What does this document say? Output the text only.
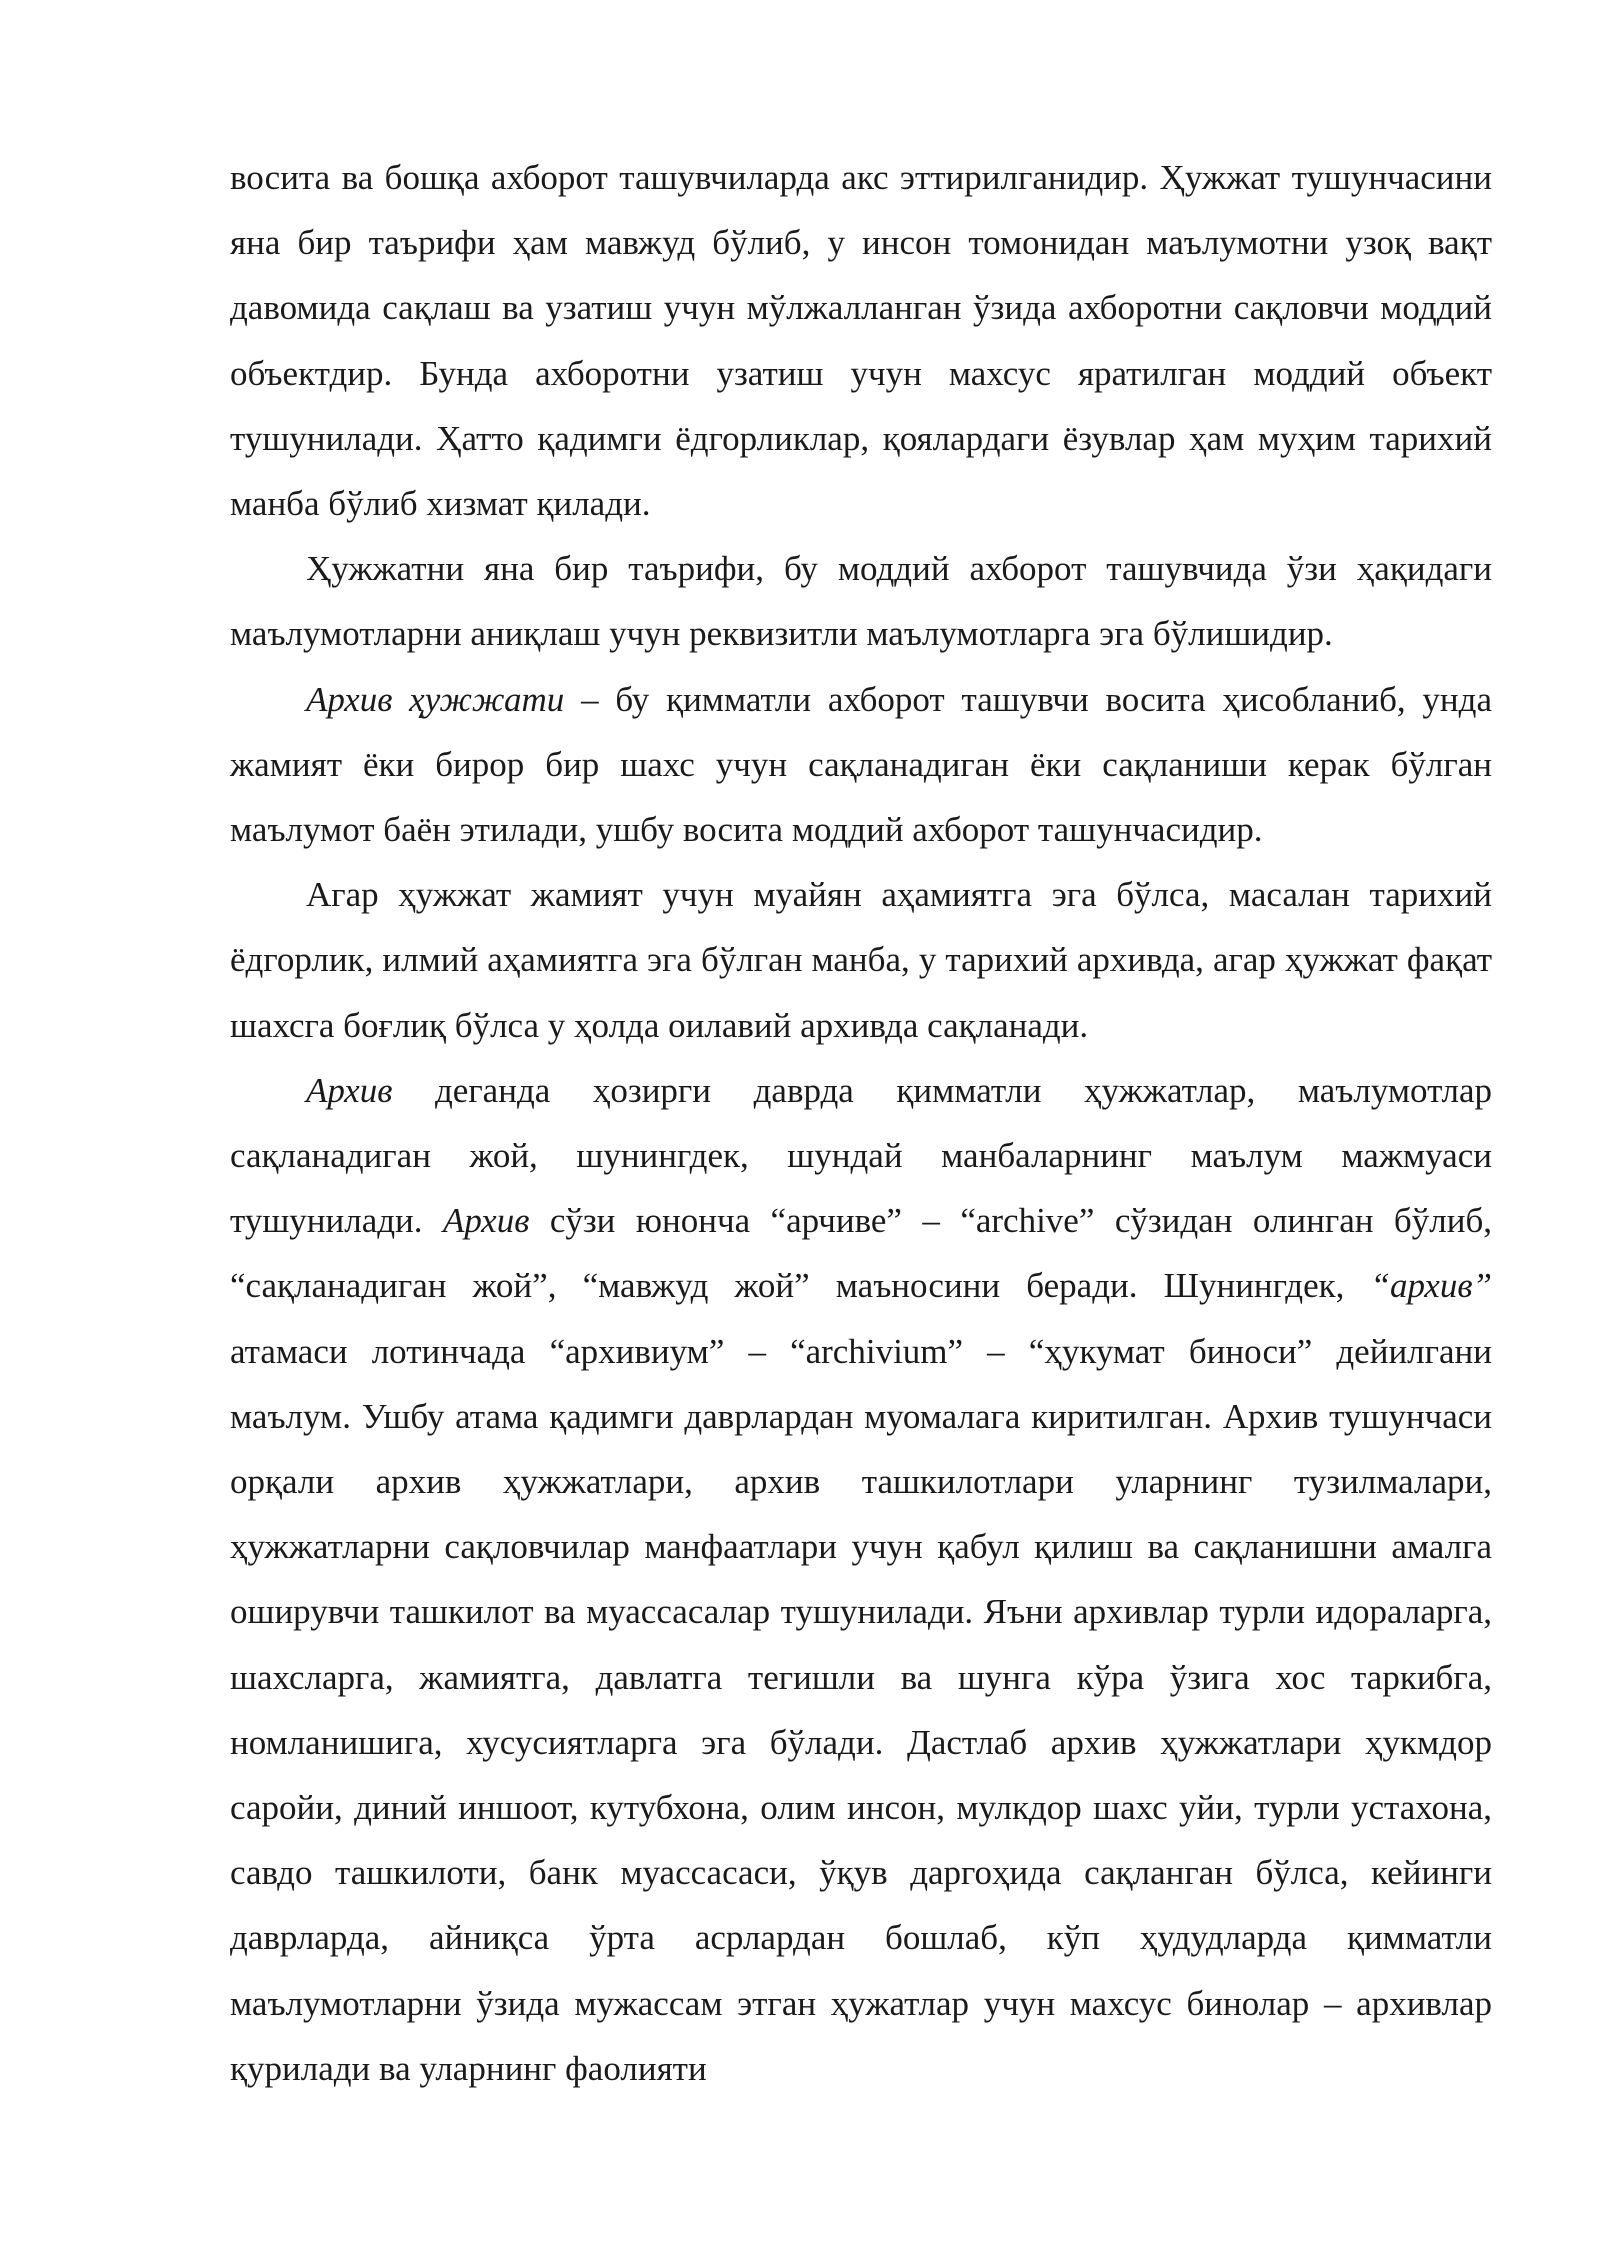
восита ва бошқа ахборот ташувчиларда акс эттирилганидир. Ҳужжат тушунчасини яна бир таърифи ҳам мавжуд бўлиб, у инсон томонидан маълумотни узоқ вақт давомида сақлаш ва узатиш учун мўлжалланган ўзида ахборотни сақловчи моддий объектдир. Бунда ахборотни узатиш учун махсус яратилган моддий объект тушунилади. Ҳатто қадимги ёдгорликлар, қоялардаги ёзувлар ҳам муҳим тарихий манба бўлиб хизмат қилади.

Ҳужжатни яна бир таърифи, бу моддий ахборот ташувчида ўзи ҳақидаги маълумотларни аниқлаш учун реквизитли маълумотларга эга бўлишидир.

Архив ҳужжати – бу қимматли ахборот ташувчи восита ҳисобланиб, унда жамият ёки бирор бир шахс учун сақланадиган ёки сақланиши керак бўлган маълумот баён этилади, ушбу восита моддий ахборот ташунчасидир.

Агар ҳужжат жамият учун муайян аҳамиятга эга бўлса, масалан тарихий ёдгорлик, илмий аҳамиятга эга бўлган манба, у тарихий архивда, агар ҳужжат фақат шахсга боғлиқ бўлса у ҳолда оилавий архивда сақланади.

Архив деганда ҳозирги даврда қимматли ҳужжатлар, маълумотлар сақланадиган жой, шунингдек, шундай манбаларнинг маълум мажмуаси тушунилади. Архив сўзи юнонча “арчиве” – “archive” сўзидан олинган бўлиб, “сақланадиган жой”, “мавжуд жой” маъносини беради. Шунингдек, “архив” атамаси лотинчада “архивиум” – “archivium” – “ҳукумат биноси” дейилгани маълум. Ушбу атама қадимги даврлардан муомалага киритилган. Архив тушунчаси орқали архив ҳужжатлари, архив ташкилотлари уларнинг тузилмалари, ҳужжатларни сақловчилар манфаатлари учун қабул қилиш ва сақланишни амалга оширувчи ташкилот ва муассасалар тушунилади. Яъни архивлар турли идораларга, шахсларга, жамиятга, давлатга тегишли ва шунга кўра ўзига хос таркибга, номланишига, хусусиятларга эга бўлади. Дастлаб архив ҳужжатлари ҳукмдор саройи, диний иншоот, кутубхона, олим инсон, мулкдор шахс уйи, турли устахона, савдо ташкилоти, банк муассасаси, ўқув даргоҳида сақланган бўлса, кейинги даврларда, айниқса ўрта асрлардан бошлаб, кўп ҳудудларда қимматли маълумотларни ўзида мужассам этган ҳужатлар учун махсус бинолар – архивлар қурилади ва уларнинг фаолияти
